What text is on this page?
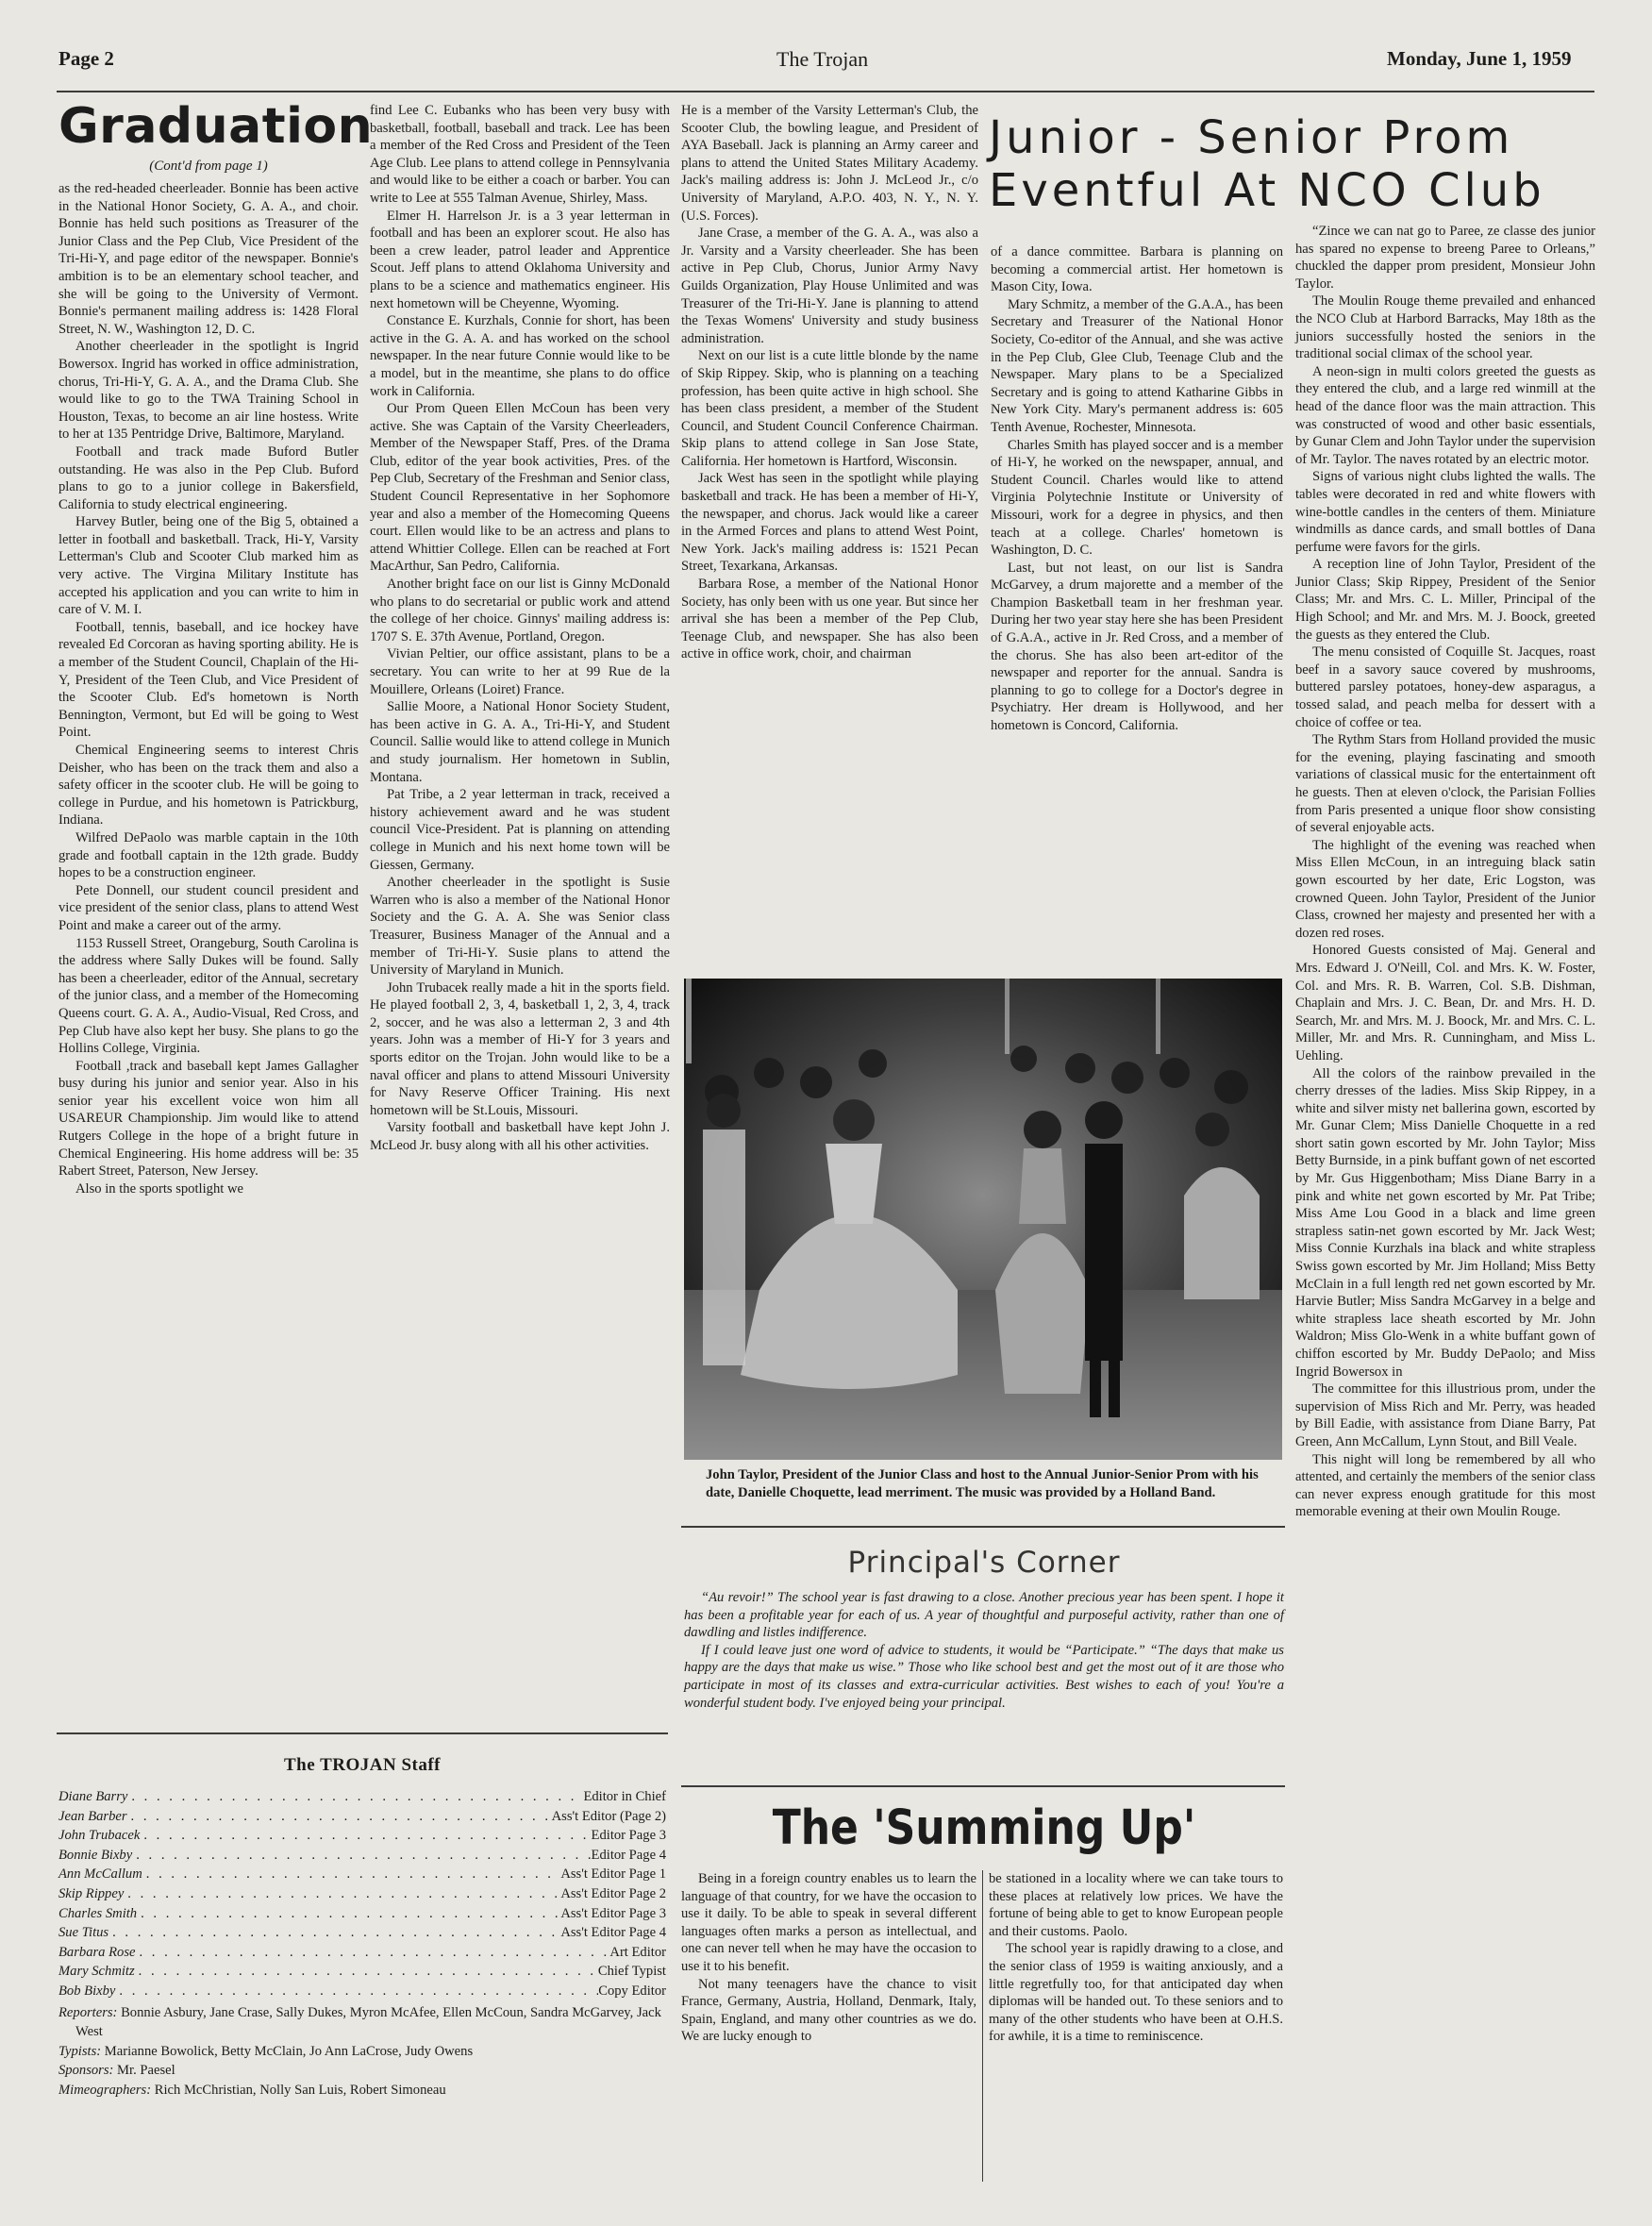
Page 2	The Trojan	Monday, June 1, 1959
Graduation
(Cont'd from page 1)

as the red-headed cheerleader. Bonnie has been active in the National Honor Society, G. A. A., and choir. Bonnie has held such positions as Treasurer of the Junior Class and the Pep Club, Vice President of the Tri-Hi-Y, and page editor of the newspaper. Bonnie's ambition is to be an elementary school teacher, and she will be going to the University of Vermont. Bonnie's permanent mailing address is: 1428 Floral Street, N. W., Washington 12, D. C.

Another cheerleader in the spotlight is Ingrid Bowersox. Ingrid has worked in office administration, chorus, Tri-Hi-Y, G. A. A., and the Drama Club. She would like to go to the TWA Training School in Houston, Texas, to become an air line hostess. Write to her at 135 Pentridge Drive, Baltimore, Maryland.

Football and track made Buford Butler outstanding. He was also in the Pep Club. Buford plans to go to a junior college in Bakersfield, California to study electrical engineering.

Harvey Butler, being one of the Big 5, obtained a letter in football and basketball. Track, Hi-Y, Varsity Letterman's Club and Scooter Club marked him as very active. The Virgina Military Institute has accepted his application and you can write to him in care of V. M. I.

Football, tennis, baseball, and ice hockey have revealed Ed Corcoran as having sporting ability. He is a member of the Student Council, Chaplain of the Hi-Y, President of the Teen Club, and Vice President of the Scooter Club. Ed's hometown is North Bennington, Vermont, but Ed will be going to West Point.

Chemical Engineering seems to interest Chris Deisher, who has been on the track them and also a safety officer in the scooter club. He will be going to college in Purdue, and his hometown is Patrickburg, Indiana.

Wilfred DePaolo was marble captain in the 10th grade and football captain in the 12th grade. Buddy hopes to be a construction engineer.

Pete Donnell, our student council president and vice president of the senior class, plans to attend West Point and make a career out of the army.

1153 Russell Street, Orangeburg, South Carolina is the address where Sally Dukes will be found. Sally has been a cheerleader, editor of the Annual, secretary of the junior class, and a member of the Homecoming Queens court. G. A. A., Audio-Visual, Red Cross, and Pep Club have also kept her busy. She plans to go the Hollins College, Virginia.

Football ,track and baseball kept James Gallagher busy during his junior and senior year. Also in his senior year his excellent voice won him all USAREUR Championship. Jim would like to attend Rutgers College in the hope of a bright future in Chemical Engineering. His home address will be: 35 Rabert Street, Paterson, New Jersey.

Also in the sports spotlight we

find Lee C. Eubanks who has been very busy with basketball, football, baseball and track. Lee has been a member of the Red Cross and President of the Teen Age Club. Lee plans to attend college in Pennsylvania and would like to be either a coach or barber. You can write to Lee at 555 Talman Avenue, Shirley, Mass.

Elmer H. Harrelson Jr. is a 3 year letterman in football and has been an explorer scout. He also has been a crew leader, patrol leader and Apprentice Scout. Jeff plans to attend Oklahoma University and plans to be a science and mathematics engineer. His next hometown will be Cheyenne, Wyoming.

Constance E. Kurzhals, Connie for short, has been active in the G. A. A. and has worked on the school newspaper. In the near future Connie would like to be a model, but in the meantime, she plans to do office work in California.

Our Prom Queen Ellen McCoun has been very active. She was Captain of the Varsity Cheerleaders, Member of the Newspaper Staff, Pres. of the Drama Club, editor of the year book activities, Pres. of the Pep Club, Secretary of the Freshman and Senior class, Student Council Representative in her Sophomore year and also a member of the Homecoming Queens court. Ellen would like to be an actress and plans to attend Whittier College. Ellen can be reached at Fort MacArthur, San Pedro, California.

Another bright face on our list is Ginny McDonald who plans to do secretarial or public work and attend the college of her choice. Ginnys' mailing address is: 1707 S. E. 37th Avenue, Portland, Oregon.

Vivian Peltier, our office assistant, plans to be a secretary. You can write to her at 99 Rue de la Mouillere, Orleans (Loiret) France.

Sallie Moore, a National Honor Society Student, has been active in G. A. A., Tri-Hi-Y, and Student Council. Sallie would like to attend college in Munich and study journalism. Her hometown in Sublin, Montana.

Pat Tribe, a 2 year letterman in track, received a history achievement award and he was student council Vice-President. Pat is planning on attending college in Munich and his next home town will be Giessen, Germany.

Another cheerleader in the spotlight is Susie Warren who is also a member of the National Honor Society and the G. A. A. She was Senior class Treasurer, Business Manager of the Annual and a member of Tri-Hi-Y. Susie plans to attend the University of Maryland in Munich.

John Trubacek really made a hit in the sports field. He played football 2, 3, 4, basketball 1, 2, 3, 4, track 2, soccer, and he was also a letterman 2, 3 and 4th years. John was a member of Hi-Y for 3 years and sports editor on the Trojan. John would like to be a naval officer and plans to attend Missouri University for Navy Reserve Officer Training. His next hometown will be St.Louis, Missouri.

Varsity football and basketball have kept John J. McLeod Jr. busy along with all his other activities.

He is a member of the Varsity Letterman's Club, the Scooter Club, the bowling league, and President of AYA Baseball. Jack is planning an Army career and plans to attend the United States Military Academy. Jack's mailing address is: John J. McLeod Jr., c/o University of Maryland, A.P.O. 403, N. Y., N. Y. (U.S. Forces).

Jane Crase, a member of the G. A. A., was also a Jr. Varsity and a Varsity cheerleader. She has been active in Pep Club, Chorus, Junior Army Navy Guilds Organization, Play House Unlimited and was Treasurer of the Tri-Hi-Y. Jane is planning to attend the Texas Womens' University and study business administration.

Next on our list is a cute little blonde by the name of Skip Rippey. Skip, who is planning on a teaching profession, has been quite active in high school. She has been class president, a member of the Student Council, and Student Council Conference Chairman. Skip plans to attend college in San Jose State, California. Her hometown is Hartford, Wisconsin.

Jack West has seen in the spotlight while playing basketball and track. He has been a member of Hi-Y, the newspaper, and chorus. Jack would like a career in the Armed Forces and plans to attend West Point, New York. Jack's mailing address is: 1521 Pecan Street, Texarkana, Arkansas.

Barbara Rose, a member of the National Honor Society, has only been with us one year. But since her arrival she has been a member of the Pep Club, Teenage Club, and newspaper. She has also been active in office work, choir, and chairman

Junior - Senior Prom
Eventful At NCO Club

of a dance committee. Barbara is planning on becoming a commercial artist. Her hometown is Mason City, Iowa.

Mary Schmitz, a member of the G.A.A., has been Secretary and Treasurer of the National Honor Society, Co-editor of the Annual, and she was active in the Pep Club, Glee Club, Teenage Club and the Newspaper. Mary plans to be a Specialized Secretary and is going to attend Katharine Gibbs in New York City. Mary's permanent address is: 605 Tenth Avenue, Rochester, Minnesota.

Charles Smith has played soccer and is a member of Hi-Y, he worked on the newspaper, annual, and Student Council. Charles would like to attend Virginia Polytechnie Institute or University of Missouri, work for a degree in physics, and then teach at a college. Charles' hometown is Washington, D. C.

Last, but not least, on our list is Sandra McGarvey, a drum majorette and a member of the Champion Basketball team in her freshman year. During her two year stay here she has been President of G.A.A., active in Jr. Red Cross, and a member of the chorus. She has also been art-editor of the newspaper and reporter for the annual. Sandra is planning to go to college for a Doctor's degree in Psychiatry. Her dream is Hollywood, and her hometown is Concord, California.

“Zince we can nat go to Paree, ze classe des junior has spared no expense to breeng Paree to Orleans,” chuckled the dapper prom president, Monsieur John Taylor.

The Moulin Rouge theme prevailed and enhanced the NCO Club at Harbord Barracks, May 18th as the juniors successfully hosted the seniors in the traditional social climax of the school year.

A neon-sign in multi colors greeted the guests as they entered the club, and a large red winmill at the head of the dance floor was the main attraction. This was constructed of wood and other basic essentials, by Gunar Clem and John Taylor under the supervision of Mr. Taylor. The naves rotated by an electric motor.

Signs of various night clubs lighted the walls. The tables were decorated in red and white flowers with wine-bottle candles in the centers of them. Miniature windmills as dance cards, and small bottles of Dana perfume were favors for the girls.

A reception line of John Taylor, President of the Junior Class; Skip Rippey, President of the Senior Class; Mr. and Mrs. C. L. Miller, Principal of the High School; and Mr. and Mrs. M. J. Boock, greeted the guests as they entered the Club.

The menu consisted of Coquille St. Jacques, roast beef in a savory sauce covered by mushrooms, buttered parsley potatoes, honey-dew asparagus, a tossed salad, and peach melba for dessert with a choice of coffee or tea.

The Rythm Stars from Holland provided the music for the evening, playing fascinating and smooth variations of classical music for the entertainment oft he guests. Then at eleven o'clock, the Parisian Follies from Paris presented a unique floor show consisting of several enjoyable acts.

The highlight of the evening was reached when Miss Ellen McCoun, in an intreguing black satin gown escourted by her date, Eric Logston, was crowned Queen. John Taylor, President of the Junior Class, crowned her majesty and presented her with a dozen red roses.

Honored Guests consisted of Maj. General and Mrs. Edward J. O'Neill, Col. and Mrs. K. W. Foster, Col. and Mrs. R. B. Warren, Col. S.B. Dishman, Chaplain and Mrs. J. C. Bean, Dr. and Mrs. H. D. Search, Mr. and Mrs. M. J. Boock, Mr. and Mrs. C. L. Miller, Mr. and Mrs. R. Cunningham, and Miss L. Uehling.

All the colors of the rainbow prevailed in the cherry dresses of the ladies. Miss Skip Rippey, in a white and silver misty net ballerina gown, escorted by Mr. Gunar Clem; Miss Danielle Choquette in a red short satin gown escorted by Mr. John Taylor; Miss Betty Burnside, in a pink buffant gown of net escorted by Mr. Gus Higgenbotham; Miss Diane Barry in a pink and white net gown escorted by Mr. Pat Tribe; Miss Ame Lou Good in a black and lime green strapless satin-net gown escorted by Mr. Jack West; Miss Connie Kurzhals ina black and white strapless Swiss gown escorted by Mr. Jim Holland; Miss Betty McClain in a full length red net gown escorted by Mr. Harvie Butler; Miss Sandra McGarvey in a belge and white strapless lace sheath escorted by Mr. John Waldron; Miss Glo-Wenk in a white buffant gown of chiffon escorted by Mr. Buddy DePaolo; and Miss Ingrid Bowersox in

The committee for this illustrious prom, under the supervision of Miss Rich and Mr. Perry, was headed by Bill Eadie, with assistance from Diane Barry, Pat Green, Ann McCallum, Lynn Stout, and Bill Veale.

This night will long be remembered by all who attented, and certainly the members of the senior class can never express enough gratitude for this most memorable evening at their own Moulin Rouge.

John Taylor, President of the Junior Class and host to the Annual Junior-Senior Prom with his date, Danielle Choquette, lead merriment. The music was provided by a Holland Band.
Principal's Corner

“Au revoir!” The school year is fast drawing to a close. Another precious year has been spent. I hope it has been a profitable year for each of us. A year of thoughtful and purposeful activity, rather than one of dawdling and listles indifference.

If I could leave just one word of advice to students, it would be “Participate.” “The days that make us happy are the days that make us wise.” Those who like school best and get the most out of it are those who participate in most of its classes and extra-curricular activities. Best wishes to each of you! You're a wonderful student body. I've enjoyed being your principal.

The 'Summing Up'

Being in a foreign country enables us to learn the language of that country, for we have the occasion to use it daily. To be able to speak in several different languages often marks a person as intellectual, and one can never tell when he may have the occasion to use it to his benefit.

Not many teenagers have the chance to visit France, Germany, Austria, Holland, Denmark, Italy, Spain, England, and many other countries as we do. We are lucky enough to

be stationed in a locality where we can take tours to these places at relatively low prices. We have the fortune of being able to get to know European people and their customs. Paolo.

The school year is rapidly drawing to a close, and the senior class of 1959 is waiting anxiously, and a little regretfully too, for that anticipated day when diplomas will be handed out. To these seniors and to many of the other students who have been at O.H.S. for awhile, it is a time to reminiscence.

The TROJAN Staff
Diane Barry . . .	Editor in Chief
Jean Barber . . .	Ass't Editor (Page 2)
John Trubacek . . .	Editor Page 3
Bonnie Bixby . . .	Editor Page 4
Ann McCallum . . .	Ass't Editor Page 1
Skip Rippey . . .	Ass't Editor Page 2
Charles Smith . . .	Ass't Editor Page 3
Sue Titus . . .	Ass't Editor Page 4
Barbara Rose . . .	Art Editor
Mary Schmitz . . .	Chief Typist
Bob Bixby . . .	Copy Editor

Reporters: Bonnie Asbury, Jane Crase, Sally Dukes, Myron McAfee, Ellen McCoun, Sandra McGarvey, Jack West

Typists: Marianne Bowolick, Betty McClain, Jo Ann LaCrose, Judy Owens

Sponsors: Mr. Paesel

Mimeographers: Rich McChristian, Nolly San Luis, Robert Simoneau
